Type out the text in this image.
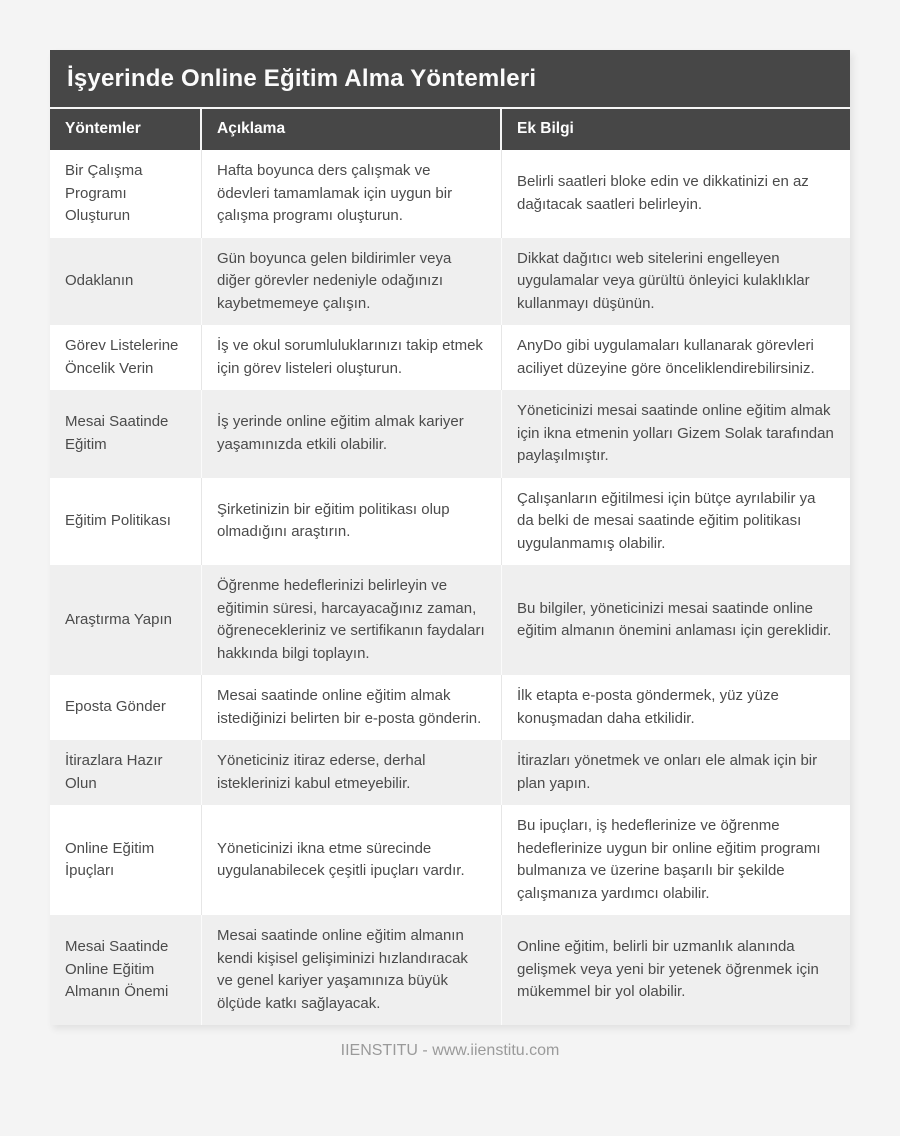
İşyerinde Online Eğitim Alma Yöntemleri
Yöntemler	Açıklama	Ek Bilgi
Bir Çalışma Programı Oluşturun	Hafta boyunca ders çalışmak ve ödevleri tamamlamak için uygun bir çalışma programı oluşturun.	Belirli saatleri bloke edin ve dikkatinizi en az dağıtacak saatleri belirleyin.
Odaklanın	Gün boyunca gelen bildirimler veya diğer görevler nedeniyle odağınızı kaybetmemeye çalışın.	Dikkat dağıtıcı web sitelerini engelleyen uygulamalar veya gürültü önleyici kulaklıklar kullanmayı düşünün.
Görev Listelerine Öncelik Verin	İş ve okul sorumluluklarınızı takip etmek için görev listeleri oluşturun.	AnyDo gibi uygulamaları kullanarak görevleri aciliyet düzeyine göre önceliklendirebilirsiniz.
Mesai Saatinde Eğitim	İş yerinde online eğitim almak kariyer yaşamınızda etkili olabilir.	Yöneticinizi mesai saatinde online eğitim almak için ikna etmenin yolları Gizem Solak tarafından paylaşılmıştır.
Eğitim Politikası	Şirketinizin bir eğitim politikası olup olmadığını araştırın.	Çalışanların eğitilmesi için bütçe ayrılabilir ya da belki de mesai saatinde eğitim politikası uygulanmamış olabilir.
Araştırma Yapın	Öğrenme hedeflerinizi belirleyin ve eğitimin süresi, harcayacağınız zaman, öğrenecekleriniz ve sertifikanın faydaları hakkında bilgi toplayın.	Bu bilgiler, yöneticinizi mesai saatinde online eğitim almanın önemini anlaması için gereklidir.
Eposta Gönder	Mesai saatinde online eğitim almak istediğinizi belirten bir e-posta gönderin.	İlk etapta e-posta göndermek, yüz yüze konuşmadan daha etkilidir.
İtirazlara Hazır Olun	Yöneticiniz itiraz ederse, derhal isteklerinizi kabul etmeyebilir.	İtirazları yönetmek ve onları ele almak için bir plan yapın.
Online Eğitim İpuçları	Yöneticinizi ikna etme sürecinde uygulanabilecek çeşitli ipuçları vardır.	Bu ipuçları, iş hedeflerinize ve öğrenme hedeflerinize uygun bir online eğitim programı bulmanıza ve üzerine başarılı bir şekilde çalışmanıza yardımcı olabilir.
Mesai Saatinde Online Eğitim Almanın Önemi	Mesai saatinde online eğitim almanın kendi kişisel gelişiminizi hızlandıracak ve genel kariyer yaşamınıza büyük ölçüde katkı sağlayacak.	Online eğitim, belirli bir uzmanlık alanında gelişmek veya yeni bir yetenek öğrenmek için mükemmel bir yol olabilir.
IIENSTITU - www.iienstitu.com
